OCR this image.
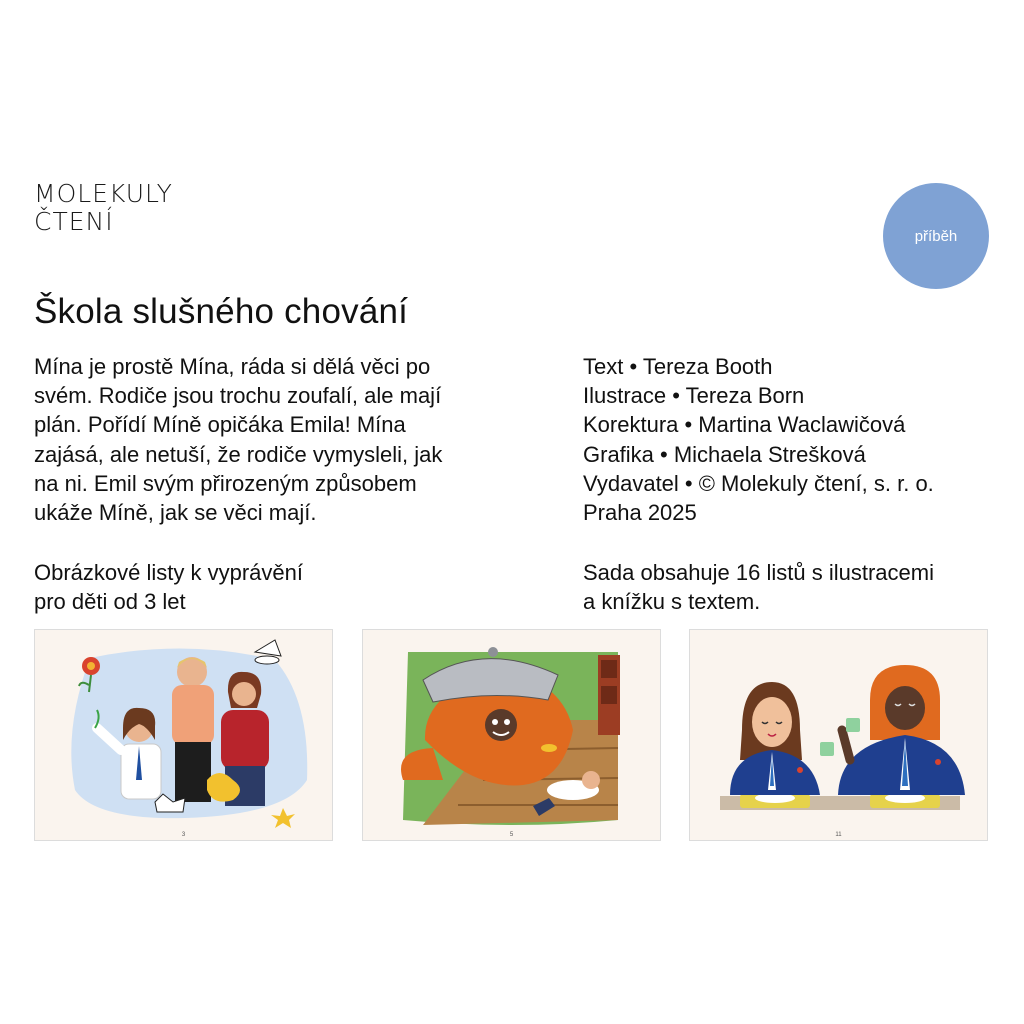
MOLEKULY
ČTENÍ	příběh
Škola slušného chování
Mína je prostě Mína, ráda si dělá věci po
svém. Rodiče jsou trochu zoufalí, ale mají
plán. Pořídí Míně opičáka Emila! Mína
zajásá, ale netuší, že rodiče vymysleli, jak
na ni. Emil svým přirozeným způsobem
ukáže Míně, jak se věci mají.
Text • Tereza Booth
Ilustrace • Tereza Born
Korektura • Martina Waclawičová
Grafika • Michaela Strešková
Vydavatel • © Molekuly čtení, s. r. o.
Praha 2025
Obrázkové listy k vyprávění
pro děti od 3 let
Sada obsahuje 16 listů s ilustracemi
a knížku s textem.
3	5	11
